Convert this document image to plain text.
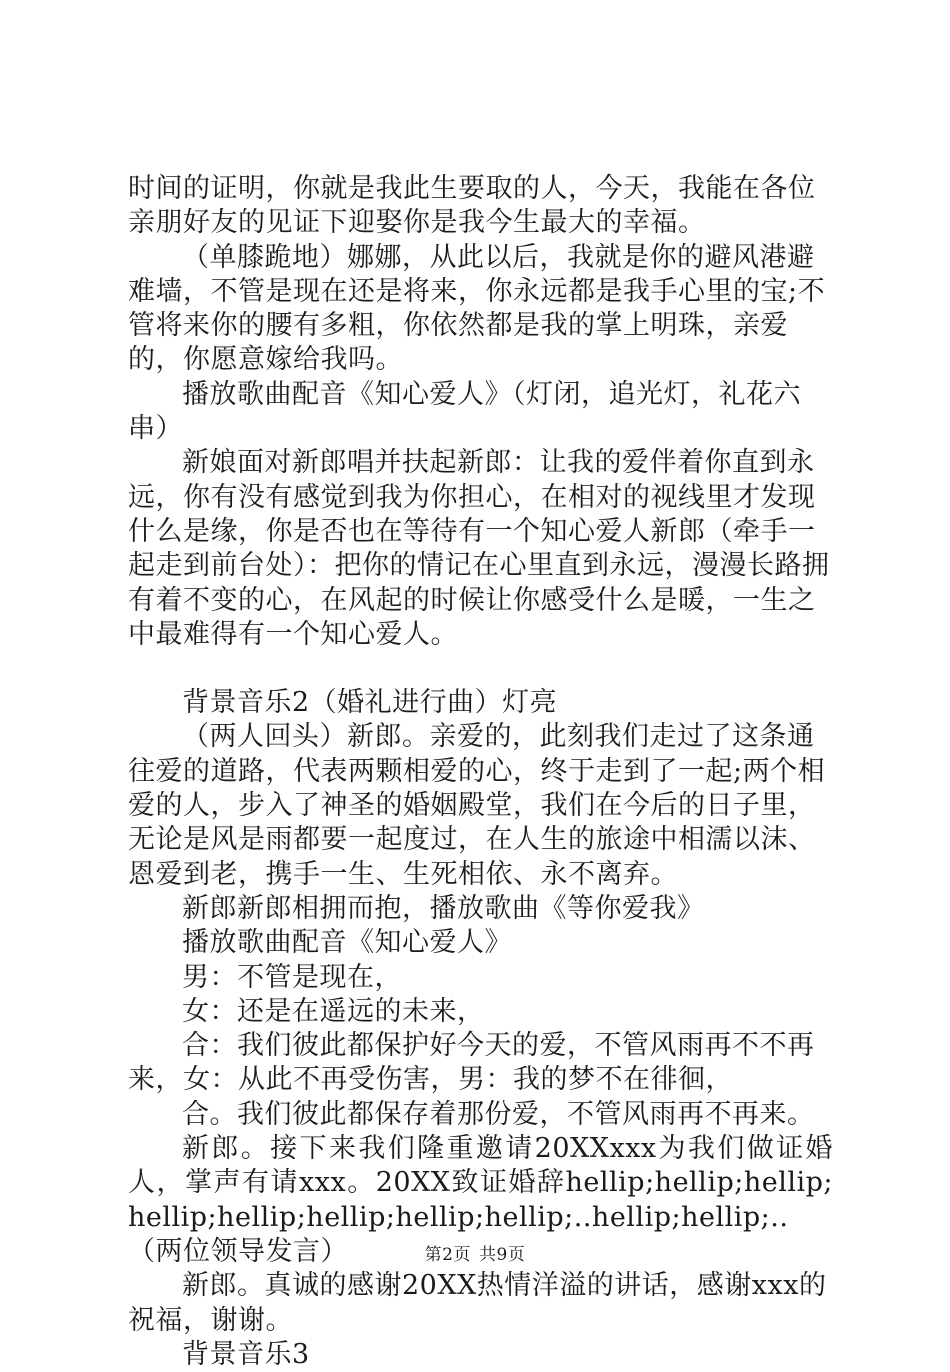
时间的证明，你就是我此生要取的人，今天，我能在各位亲朋好友的见证下迎娶你是我今生最大的幸福。

（单膝跪地）娜娜，从此以后，我就是你的避风港避难墙，不管是现在还是将来，你永远都是我手心里的宝;不管将来你的腰有多粗，你依然都是我的掌上明珠，亲爱的，你愿意嫁给我吗。

播放歌曲配音《知心爱人》（灯闭，追光灯，礼花六串）

新娘面对新郎唱并扶起新郎：让我的爱伴着你直到永远，你有没有感觉到我为你担心，在相对的视线里才发现什么是缘，你是否也在等待有一个知心爱人新郎（牵手一起走到前台处）：把你的情记在心里直到永远，漫漫长路拥有着不变的心，在风起的时候让你感受什么是暖，一生之中最难得有一个知心爱人。

背景音乐2（婚礼进行曲）灯亮

（两人回头）新郎。亲爱的，此刻我们走过了这条通往爱的道路，代表两颗相爱的心，终于走到了一起;两个相爱的人，步入了神圣的婚姻殿堂，我们在今后的日子里，无论是风是雨都要一起度过，在人生的旅途中相濡以沫、恩爱到老，携手一生、生死相依、永不离弃。

新郎新郎相拥而抱，播放歌曲《等你爱我》

播放歌曲配音《知心爱人》

男：不管是现在，

女：还是在遥远的未来，

合：我们彼此都保护好今天的爱，不管风雨再不不再来，女：从此不再受伤害，男：我的梦不在徘徊，

合。我们彼此都保存着那份爱，不管风雨再不再来。

新郎。接下来我们隆重邀请20XXxxx为我们做证婚人，掌声有请xxx。20XX致证婚辞hellip;hellip;hellip;hellip;hellip;hellip;hellip;hellip;..hellip;hellip;..（两位领导发言）

新郎。真诚的感谢20XX热情洋溢的讲话，感谢xxx的祝福，谢谢。

背景音乐3

第2页 共9页
